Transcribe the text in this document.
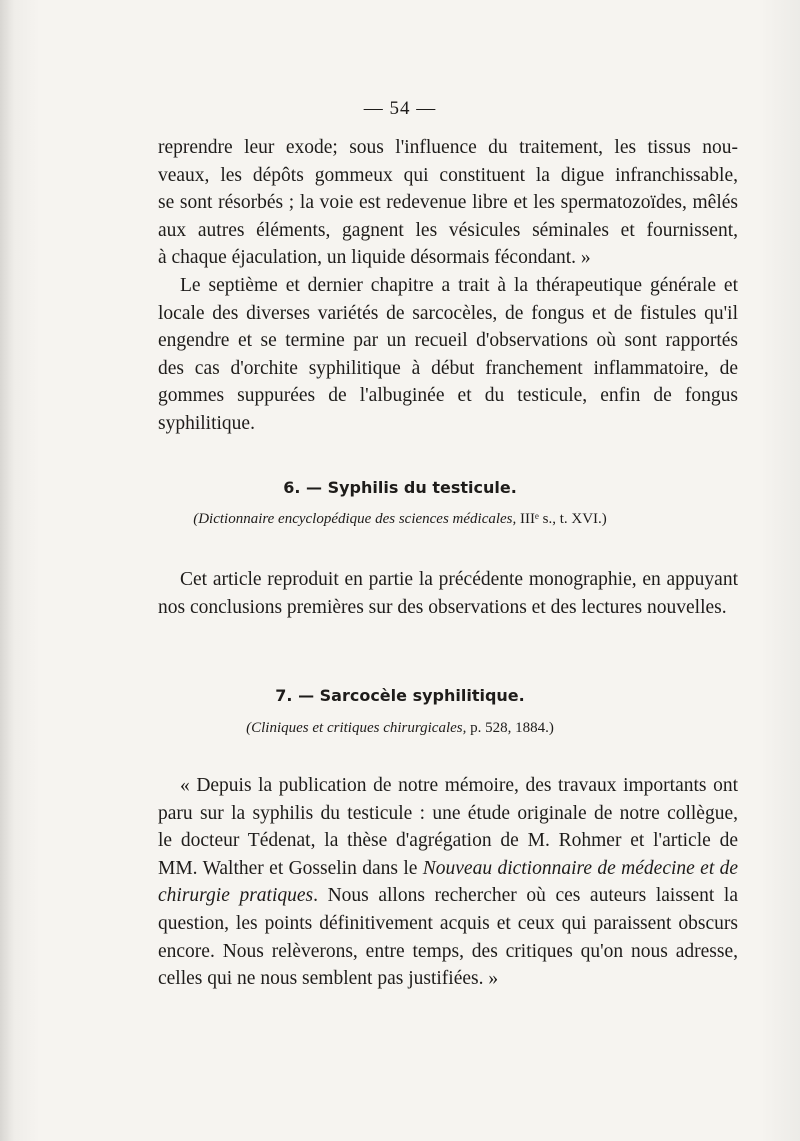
— 54 —
reprendre leur exode; sous l'influence du traitement, les tissus nou-
veaux, les dépôts gommeux qui constituent la digue infranchissable,
se sont résorbés ; la voie est redevenue libre et les spermatozoïdes, mêlés
aux autres éléments, gagnent les vésicules séminales et fournissent,
à chaque éjaculation, un liquide désormais fécondant. »
Le septième et dernier chapitre a trait à la thérapeutique générale et
locale des diverses variétés de sarcocèles, de fongus et de fistules qu'il
engendre et se termine par un recueil d'observations où sont rapportés
des cas d'orchite syphilitique à début franchement inflammatoire, de
gommes suppurées de l'albuginée et du testicule, enfin de fongus
syphilitique.
6. — Syphilis du testicule.
(Dictionnaire encyclopédique des sciences médicales, IIIᵉ s., t. XVI.)
Cet article reproduit en partie la précédente monographie, en appuyant
nos conclusions premières sur des observations et des lectures nouvelles.
7. — Sarcocèle syphilitique.
(Cliniques et critiques chirurgicales, p. 528, 1884.)
« Depuis la publication de notre mémoire, des travaux importants ont
paru sur la syphilis du testicule : une étude originale de notre collègue,
le docteur Tédenat, la thèse d'agrégation de M. Rohmer et l'article de
MM. Walther et Gosselin dans le Nouveau dictionnaire de médecine et de
chirurgie pratiques. Nous allons rechercher où ces auteurs laissent la
question, les points définitivement acquis et ceux qui paraissent obscurs
encore. Nous relèverons, entre temps, des critiques qu'on nous adresse,
celles qui ne nous semblent pas justifiées. »
